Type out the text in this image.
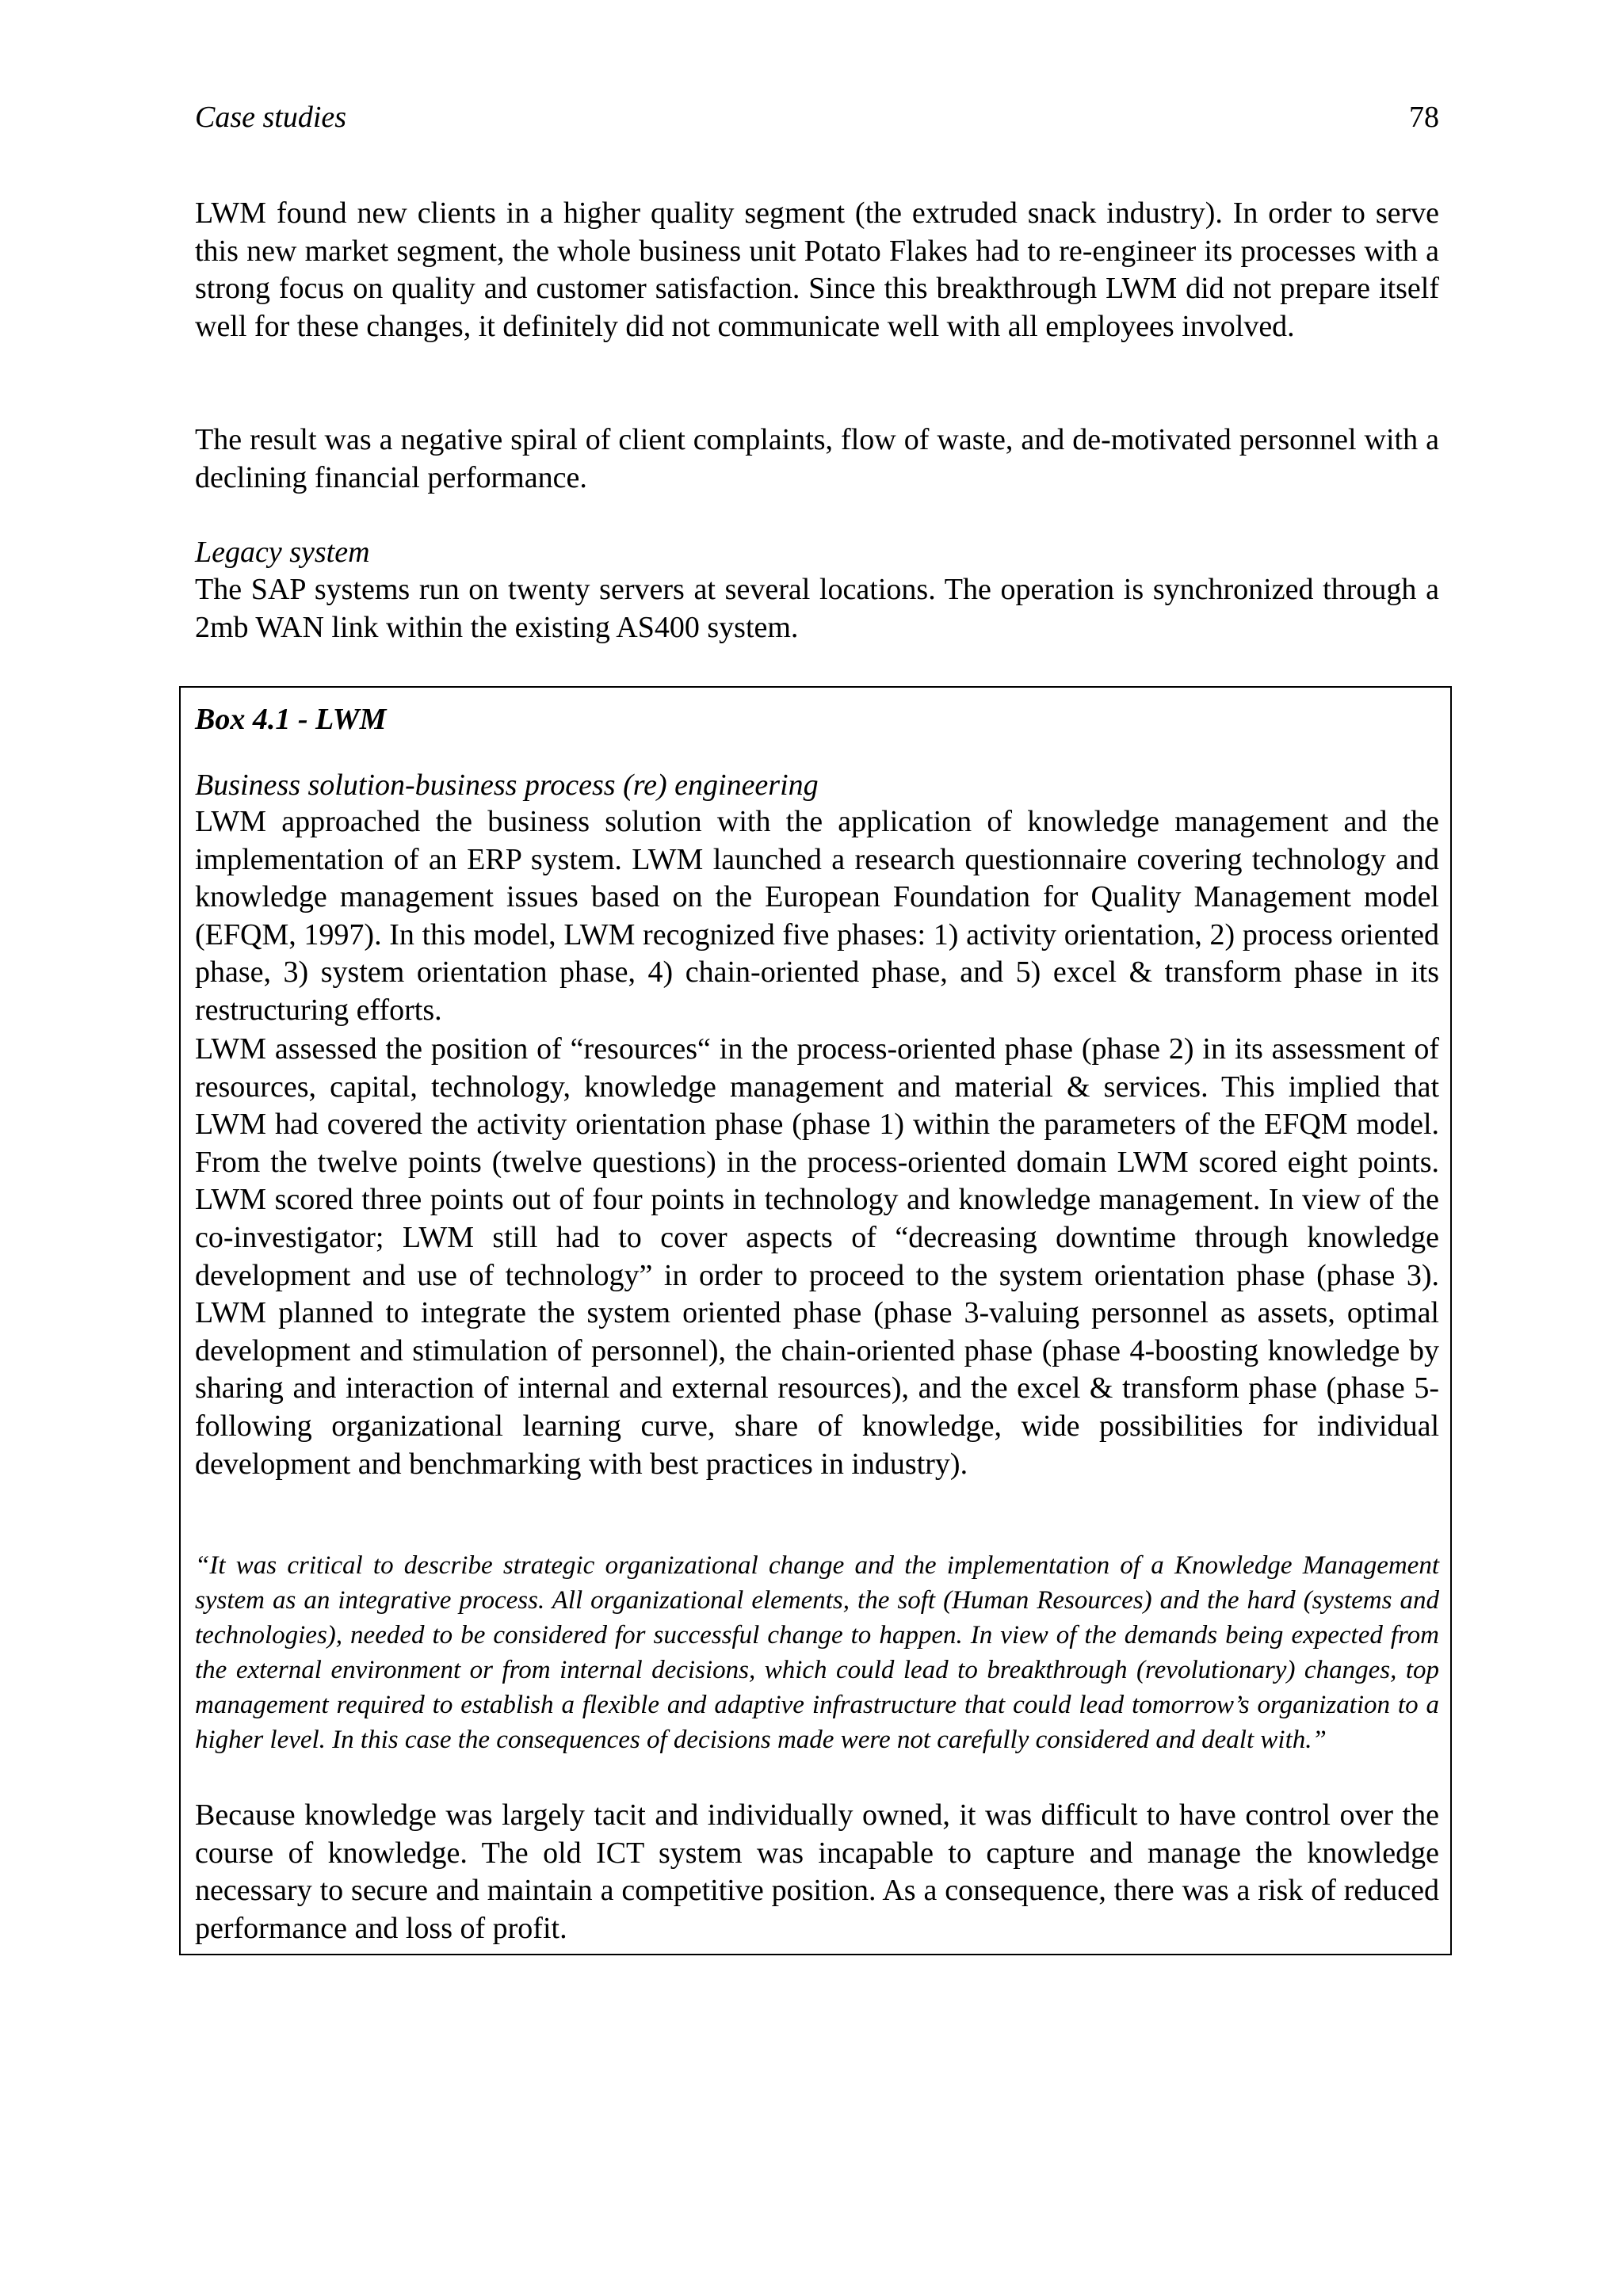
Case studies	78

LWM found new clients in a higher quality segment (the extruded snack industry). In order to serve this new market segment, the whole business unit Potato Flakes had to re-engineer its processes with a strong focus on quality and customer satisfaction. Since this breakthrough LWM did not prepare itself well for these changes, it definitely did not communicate well with all employees involved.

The result was a negative spiral of client complaints, flow of waste, and de-motivated personnel with a declining financial performance.

Legacy system

The SAP systems run on twenty servers at several locations. The operation is synchronized through a 2mb WAN link within the existing AS400 system.

Box 4.1 - LWM

Business solution-business process (re) engineering

LWM approached the business solution with the application of knowledge management and the implementation of an ERP system. LWM launched a research questionnaire covering technology and knowledge management issues based on the European Foundation for Quality Management model (EFQM, 1997). In this model, LWM recognized five phases: 1) activity orientation, 2) process oriented phase, 3) system orientation phase, 4) chain-oriented phase, and 5) excel & transform phase in its restructuring efforts.

LWM assessed the position of “resources“ in the process-oriented phase (phase 2) in its assessment of resources, capital, technology, knowledge management and material & services. This implied that LWM had covered the activity orientation phase (phase 1) within the parameters of the EFQM model. From the twelve points (twelve questions) in the process-oriented domain LWM scored eight points. LWM scored three points out of four points in technology and knowledge management. In view of the co-investigator; LWM still had to cover aspects of “decreasing downtime through knowledge development and use of technology” in order to proceed to the system orientation phase (phase 3). LWM planned to integrate the system oriented phase (phase 3-valuing personnel as assets, optimal development and stimulation of personnel), the chain-oriented phase (phase 4-boosting knowledge by sharing and interaction of internal and external resources), and the excel & transform phase (phase 5-following organizational learning curve, share of knowledge, wide possibilities for individual development and benchmarking with best practices in industry).

“It was critical to describe strategic organizational change and the implementation of a Knowledge Management system as an integrative process. All organizational elements, the soft (Human Resources) and the hard (systems and technologies), needed to be considered for successful change to happen. In view of the demands being expected from the external environment or from internal decisions, which could lead to breakthrough (revolutionary) changes, top management required to establish a flexible and adaptive infrastructure that could lead tomorrow’s organization to a higher level. In this case the consequences of decisions made were not carefully considered and dealt with.”

Because knowledge was largely tacit and individually owned, it was difficult to have control over the course of knowledge. The old ICT system was incapable to capture and manage the knowledge necessary to secure and maintain a competitive position. As a consequence, there was a risk of reduced performance and loss of profit.
